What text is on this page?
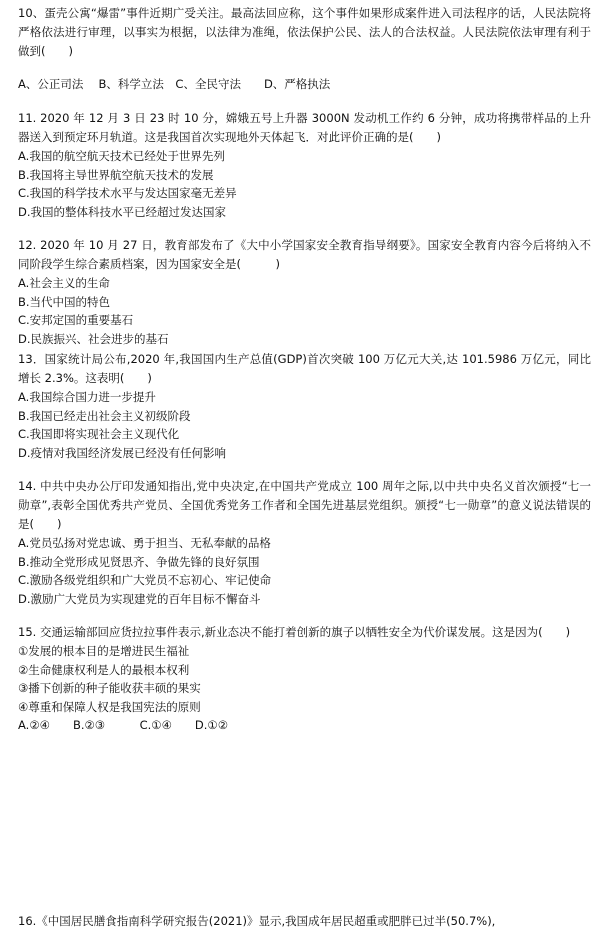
10、蛋壳公寓“爆雷”事件近期广受关注。最高法回应称，这个事件如果形成案件进入司法程序的话，人民法院将严格依法进行审理，以事实为根据，以法律为准绳，依法保护公民、法人的合法权益。人民法院依法审理有利于做到(　　)

A、公正司法　 B、科学立法　C、全民守法　　D、严格执法

11. 2020 年 12 月 3 日 23 时 10 分，嫦娥五号上升器 3000N 发动机工作约 6 分钟，成功将携带样品的上升器送入到预定环月轨道。这是我国首次实现地外天体起飞．对此评价正确的是(　　)

A.我国的航空航天技术已经处于世界先列

B.我国将主导世界航空航天技术的发展

C.我国的科学技术水平与发达国家毫无差异

D.我国的整体科技水平已经超过发达国家

12. 2020 年 10 月 27 日，教育部发布了《大中小学国家安全教育指导纲要》。国家安全教育内容今后将纳入不同阶段学生综合素质档案，因为国家安全是(　　　)

A.社会主义的生命

B.当代中国的特色

C.安邦定国的重要基石

D.民族振兴、社会进步的基石

13．国家统计局公布,2020 年,我国国内生产总值(GDP)首次突破 100 万亿元大关,达 101.5986 万亿元，同比增长 2.3%。这表明(　　)

A.我国综合国力进一步提升

B.我国已经走出社会主义初级阶段

C.我国即将实现社会主义现代化

D.疫情对我国经济发展已经没有任何影响

14. 中共中央办公厅印发通知指出,党中央决定,在中国共产党成立 100 周年之际,以中共中央名义首次颁授“七一勋章”,表彰全国优秀共产党员、全国优秀党务工作者和全国先进基层党组织。颁授“七一勋章”的意义说法错误的是(　　)

A.党员弘扬对党忠诚、勇于担当、无私奉献的品格

B.推动全党形成见贤思齐、争做先锋的良好氛围

C.激励各级党组织和广大党员不忘初心、牢记使命

D.激励广大党员为实现建党的百年目标不懈奋斗

15. 交通运输部回应货拉拉事件表示,新业态决不能打着创新的旗子以牺牲安全为代价谋发展。这是因为(　　)

①发展的根本目的是增进民生福祉

②生命健康权利是人的最根本权利

③播下创新的种子能收获丰硕的果实

④尊重和保障人权是我国宪法的原则

A.②④　　B.②③　　　C.①④　　D.①②

16.《中国居民膳食指南科学研究报告(2021)》显示,我国成年居民超重或肥胖已过半(50.7%),
